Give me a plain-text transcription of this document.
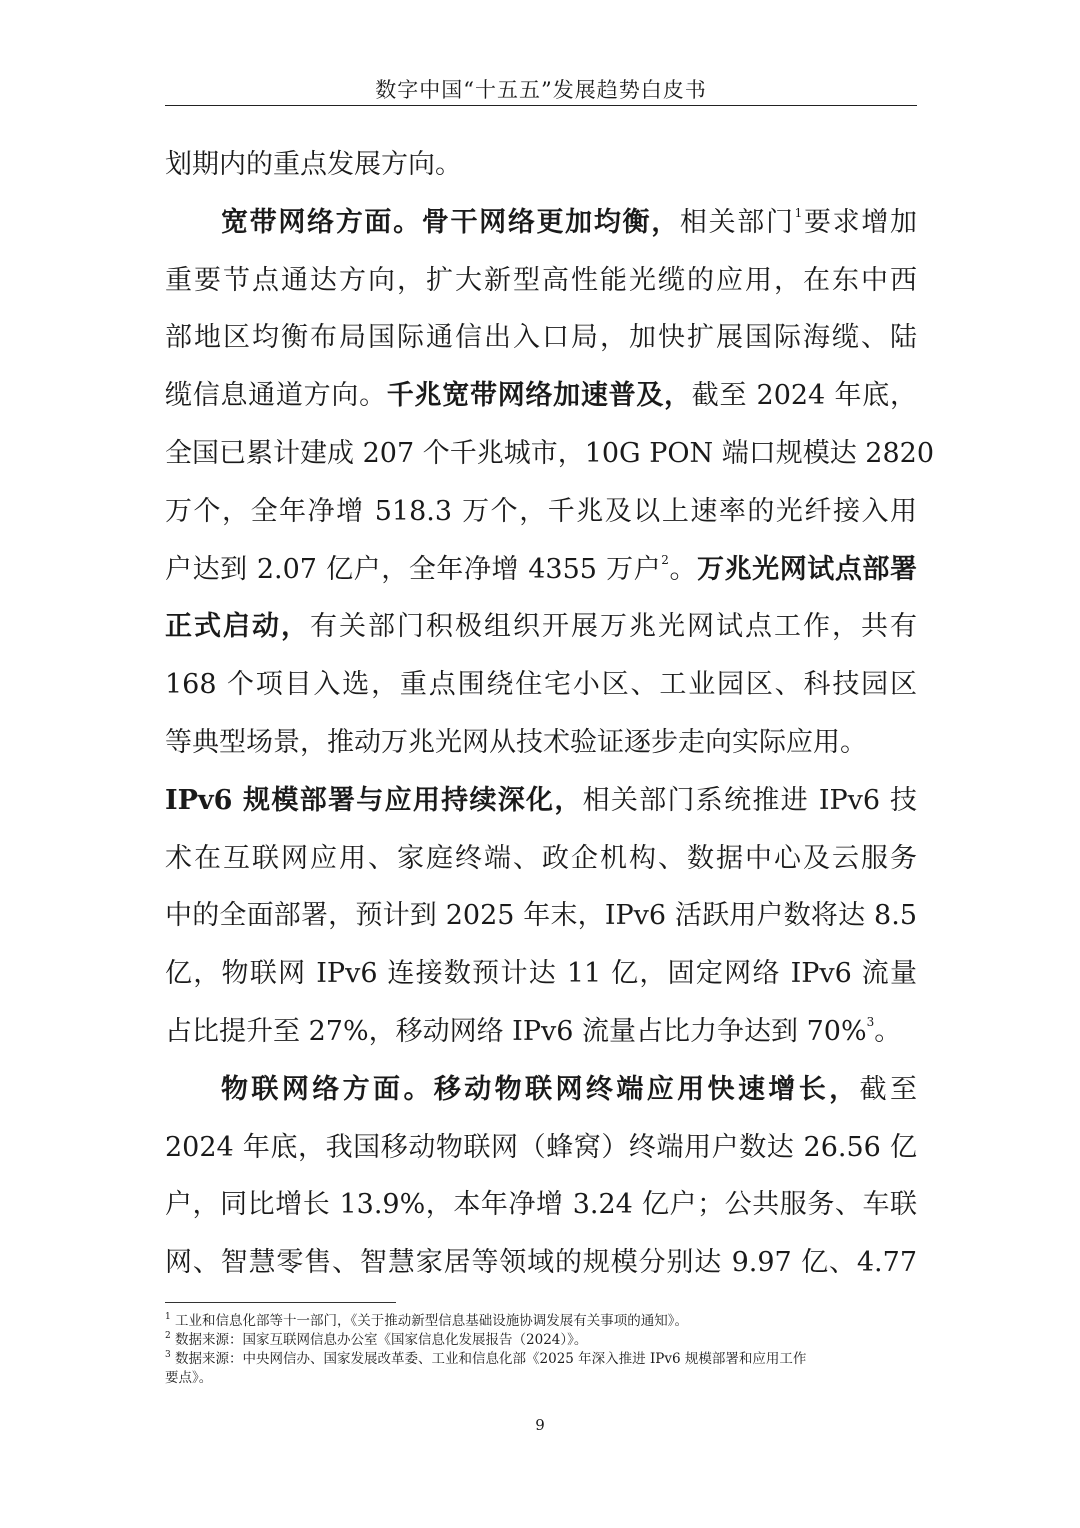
数字中国“十五五”发展趋势白皮书
划期内的重点发展方向。
宽带网络方面。骨干网络更加均衡，相关部门$^1$要求增加
重要节点通达方向，扩大新型高性能光缆的应用，在东中西
部地区均衡布局国际通信出入口局，加快扩展国际海缆、陆
缆信息通道方向。千兆宽带网络加速普及，截至 2024 年底，
全国已累计建成 207 个千兆城市，10G PON 端口规模达 2820
万个，全年净增 518.3 万个，千兆及以上速率的光纤接入用
户达到 2.07 亿户，全年净增 4355 万户$^2$。万兆光网试点部署
正式启动，有关部门积极组织开展万兆光网试点工作，共有
168 个项目入选，重点围绕住宅小区、工业园区、科技园区
等典型场景，推动万兆光网从技术验证逐步走向实际应用。
IPv6 规模部署与应用持续深化，相关部门系统推进 IPv6 技
术在互联网应用、家庭终端、政企机构、数据中心及云服务
中的全面部署，预计到 2025 年末，IPv6 活跃用户数将达 8.5
亿，物联网 IPv6 连接数预计达 11 亿，固定网络 IPv6 流量
占比提升至 27%，移动网络 IPv6 流量占比力争达到 70%$^3$。
物联网络方面。移动物联网终端应用快速增长，截至
2024 年底，我国移动物联网（蜂窝）终端用户数达 26.56 亿
户，同比增长 13.9%，本年净增 3.24 亿户；公共服务、车联
网、智慧零售、智慧家居等领域的规模分别达 9.97 亿、4.77
$^1$ 工业和信息化部等十一部门，《关于推动新型信息基础设施协调发展有关事项的通知》。
$^2$ 数据来源：国家互联网信息办公室《国家信息化发展报告（2024）》。
$^3$ 数据来源：中央网信办、国家发展改革委、工业和信息化部《2025 年深入推进 IPv6 规模部署和应用工作
要点》。
9
